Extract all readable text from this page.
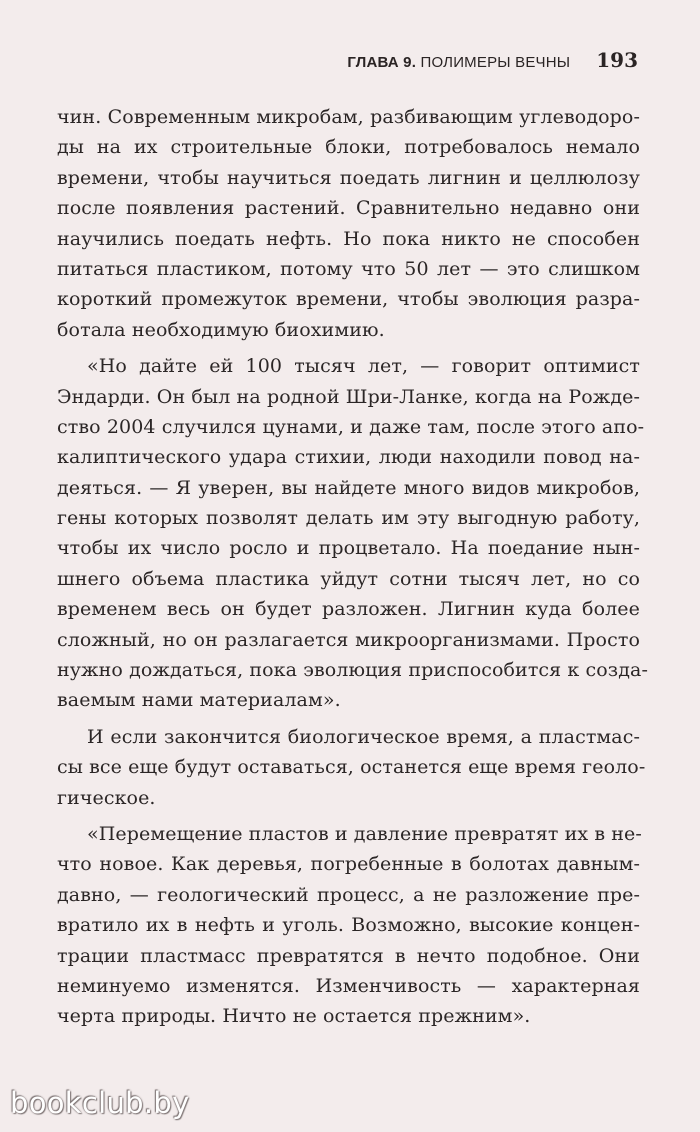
ГЛАВА 9. ПОЛИМЕРЫ ВЕЧНЫ 193
чин. Современным микробам, разбивающим углеводоро-
ды на их строительные блоки, потребовалось немало
времени, чтобы научиться поедать лигнин и целлюлозу
после появления растений. Сравнительно недавно они
научились поедать нефть. Но пока никто не способен
питаться пластиком, потому что 50 лет — это слишком
короткий промежуток времени, чтобы эволюция разра-
ботала необходимую биохимию.
«Но дайте ей 100 тысяч лет, — говорит оптимист
Эндарди. Он был на родной Шри-Ланке, когда на Рожде-
ство 2004 случился цунами, и даже там, после этого апо-
калиптического удара стихии, люди находили повод на-
деяться. — Я уверен, вы найдете много видов микробов,
гены которых позволят делать им эту выгодную работу,
чтобы их число росло и процветало. На поедание нын-
шнего объема пластика уйдут сотни тысяч лет, но со
временем весь он будет разложен. Лигнин куда более
сложный, но он разлагается микроорганизмами. Просто
нужно дождаться, пока эволюция приспособится к созда-
ваемым нами материалам».
И если закончится биологическое время, а пластмас-
сы все еще будут оставаться, останется еще время геоло-
гическое.
«Перемещение пластов и давление превратят их в не-
что новое. Как деревья, погребенные в болотах давным-
давно, — геологический процесс, а не разложение пре-
вратило их в нефть и уголь. Возможно, высокие концен-
трации пластмасс превратятся в нечто подобное. Они
неминуемо изменятся. Изменчивость — характерная
черта природы. Ничто не остается прежним».
bookclub.by
